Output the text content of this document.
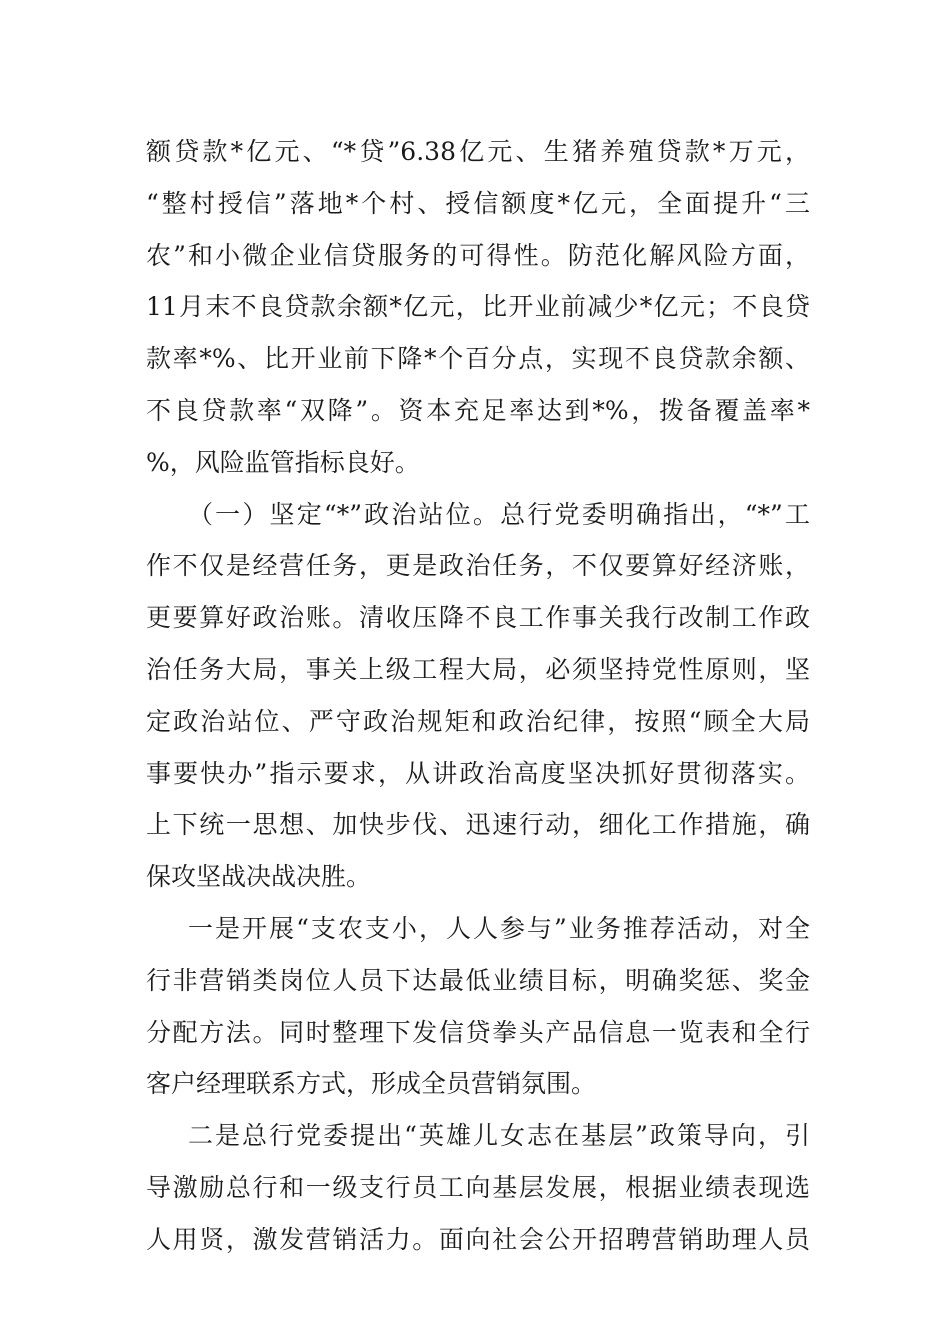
额贷款*亿元、“*贷”6.38亿元、生猪养殖贷款*万元，
“整村授信”落地*个村、授信额度*亿元，全面提升“三
农”和小微企业信贷服务的可得性。防范化解风险方面，
11月末不良贷款余额*亿元，比开业前减少*亿元；不良贷
款率*%、比开业前下降*个百分点，实现不良贷款余额、
不良贷款率“双降”。资本充足率达到*%，拨备覆盖率*
%，风险监管指标良好。
（一）坚定“*”政治站位。总行党委明确指出，“*”工
作不仅是经营任务，更是政治任务，不仅要算好经济账，
更要算好政治账。清收压降不良工作事关我行改制工作政
治任务大局，事关上级工程大局，必须坚持党性原则，坚
定政治站位、严守政治规矩和政治纪律，按照“顾全大局
事要快办”指示要求，从讲政治高度坚决抓好贯彻落实。
上下统一思想、加快步伐、迅速行动，细化工作措施，确
保攻坚战决战决胜。
一是开展“支农支小，人人参与”业务推荐活动，对全
行非营销类岗位人员下达最低业绩目标，明确奖惩、奖金
分配方法。同时整理下发信贷拳头产品信息一览表和全行
客户经理联系方式，形成全员营销氛围。
二是总行党委提出“英雄儿女志在基层”政策导向，引
导激励总行和一级支行员工向基层发展，根据业绩表现选
人用贤，激发营销活力。面向社会公开招聘营销助理人员
